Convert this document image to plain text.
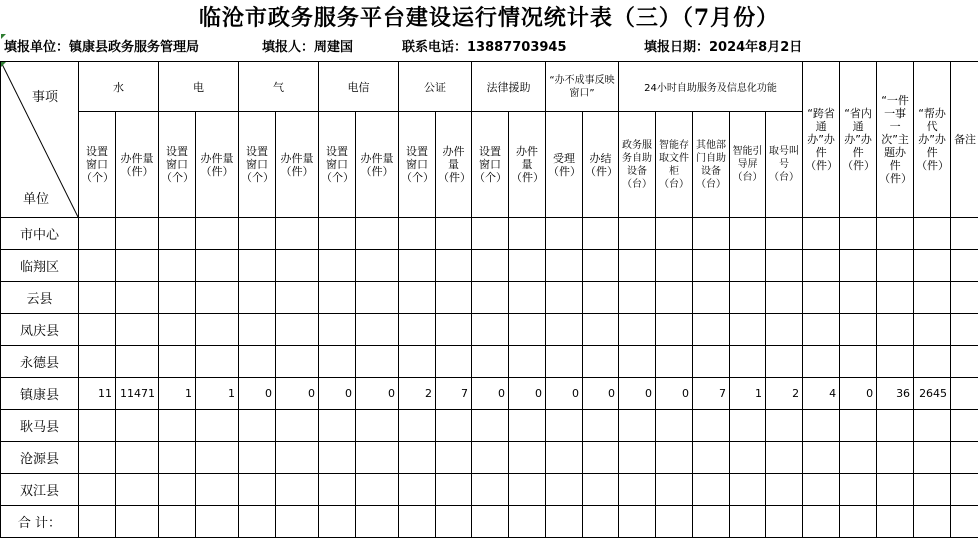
临沧市政务服务平台建设运行情况统计表（三）（7月份）
填报单位：镇康县政务服务管理局	填报人：周建国	联系电话：13887703945	填报日期：2024年8月2日
事项
单位	水		电		气		电信		公证		法律援助		“办不成事反映窗口”		24小时自助服务及信息化功能					“跨省通办”办件（件）	“省内通办”办件（件）	“一件一事一次”主题办件（件）	“帮办代办”办件（件）	备注
	设置窗口（个）	办件量（件）	设置窗口（个）	办件量（件）	设置窗口（个）	办件量（件）	设置窗口（个）	办件量（件）	设置窗口（个）	办件量（件）	设置窗口（个）	办件量（件）	受理（件）	办结（件）	政务服务自助设备（台）	智能存取文件柜（台）	其他部门自助设备（台）	智能引导屏（台）	取号叫号（台）					
市中心																								
临翔区																								
云县																								
凤庆县																								
永德县																								
镇康县	11	11471	1	1	0	0	0	0	2	7	0	0	0	0	0	0	7	1	2	4	0	36	2645	
耿马县																								
沧源县																								
双江县																								
合 计：																								
